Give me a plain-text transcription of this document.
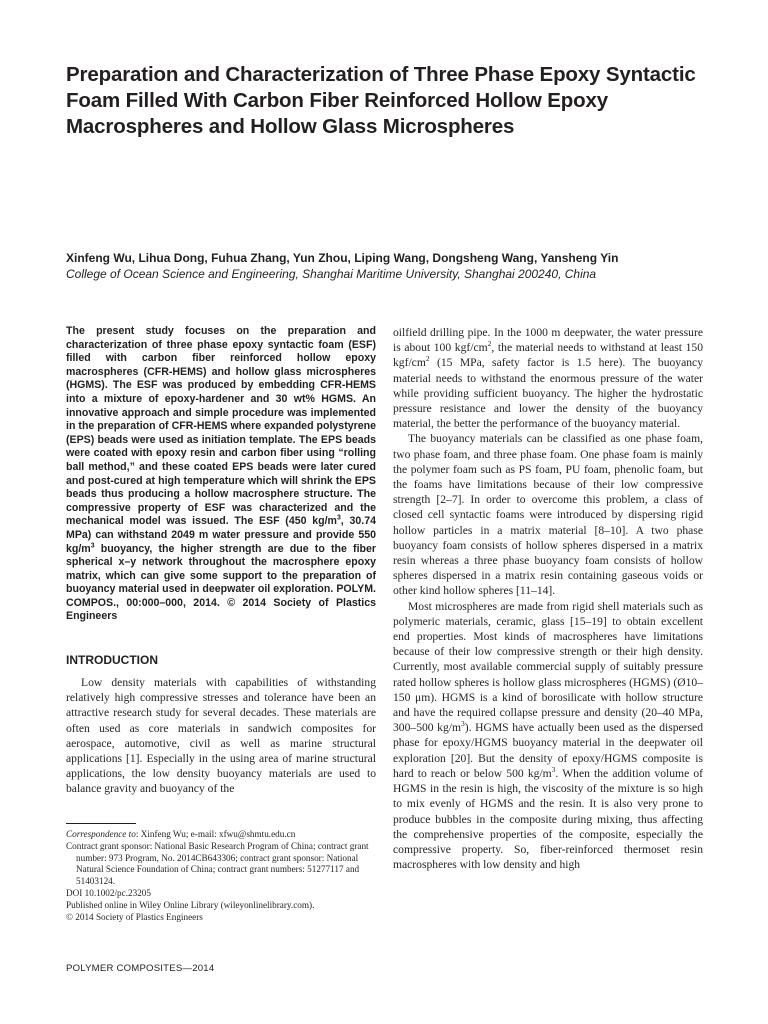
Preparation and Characterization of Three Phase Epoxy Syntactic Foam Filled With Carbon Fiber Reinforced Hollow Epoxy Macrospheres and Hollow Glass Microspheres

Xinfeng Wu, Lihua Dong, Fuhua Zhang, Yun Zhou, Liping Wang, Dongsheng Wang, Yansheng Yin

College of Ocean Science and Engineering, Shanghai Maritime University, Shanghai 200240, China

The present study focuses on the preparation and characterization of three phase epoxy syntactic foam (ESF) filled with carbon fiber reinforced hollow epoxy macrospheres (CFR-HEMS) and hollow glass microspheres (HGMS). The ESF was produced by embedding CFR-HEMS into a mixture of epoxy-hardener and 30 wt% HGMS. An innovative approach and simple procedure was implemented in the preparation of CFR-HEMS where expanded polystyrene (EPS) beads were used as initiation template. The EPS beads were coated with epoxy resin and carbon fiber using “rolling ball method,” and these coated EPS beads were later cured and post-cured at high temperature which will shrink the EPS beads thus producing a hollow macrosphere structure. The compressive property of ESF was characterized and the mechanical model was issued. The ESF (450 $kg/m^3$, 30.74 MPa) can withstand 2049 m water pressure and provide 550 $kg/m^3$ buoyancy, the higher strength are due to the fiber spherical x–y network throughout the macrosphere epoxy matrix, which can give some support to the preparation of buoyancy material used in deepwater oil exploration. POLYM. COMPOS., 00:000–000, 2014. © 2014 Society of Plastics Engineers

INTRODUCTION

Low density materials with capabilities of withstanding relatively high compressive stresses and tolerance have been an attractive research study for several decades. These materials are often used as core materials in sandwich composites for aerospace, automotive, civil as well as marine structural applications [1]. Especially in the using area of marine structural applications, the low density buoyancy materials are used to balance gravity and buoyancy of the

Correspondence to: Xinfeng Wu; e-mail: xfwu@shmtu.edu.cn
Contract grant sponsor: National Basic Research Program of China; contract grant number: 973 Program, No. 2014CB643306; contract grant sponsor: National Natural Science Foundation of China; contract grant numbers: 51277117 and 51403124.
DOI 10.1002/pc.23205
Published online in Wiley Online Library (wileyonlinelibrary.com).
© 2014 Society of Plastics Engineers

oilfield drilling pipe. In the 1000 m deepwater, the water pressure is about 100 kgf/$cm^2$, the material needs to withstand at least 150 kgf/$cm^2$ (15 MPa, safety factor is 1.5 here). The buoyancy material needs to withstand the enormous pressure of the water while providing sufficient buoyancy. The higher the hydrostatic pressure resistance and lower the density of the buoyancy material, the better the performance of the buoyancy material.

The buoyancy materials can be classified as one phase foam, two phase foam, and three phase foam. One phase foam is mainly the polymer foam such as PS foam, PU foam, phenolic foam, but the foams have limitations because of their low compressive strength [2–7]. In order to overcome this problem, a class of closed cell syntactic foams were introduced by dispersing rigid hollow particles in a matrix material [8–10]. A two phase buoyancy foam consists of hollow spheres dispersed in a matrix resin whereas a three phase buoyancy foam consists of hollow spheres dispersed in a matrix resin containing gaseous voids or other kind hollow spheres [11–14].

Most microspheres are made from rigid shell materials such as polymeric materials, ceramic, glass [15–19] to obtain excellent end properties. Most kinds of macrospheres have limitations because of their low compressive strength or their high density. Currently, most available commercial supply of suitably pressure rated hollow spheres is hollow glass microspheres (HGMS) (Ø10–150 μm). HGMS is a kind of borosilicate with hollow structure and have the required collapse pressure and density (20–40 MPa, 300–500 $kg/m^3$). HGMS have actually been used as the dispersed phase for epoxy/HGMS buoyancy material in the deepwater oil exploration [20]. But the density of epoxy/HGMS composite is hard to reach or below 500 $kg/m^3$. When the addition volume of HGMS in the resin is high, the viscosity of the mixture is so high to mix evenly of HGMS and the resin. It is also very prone to produce bubbles in the composite during mixing, thus affecting the comprehensive properties of the composite, especially the compressive property. So, fiber-reinforced thermoset resin macrospheres with low density and high

POLYMER COMPOSITES—2014
